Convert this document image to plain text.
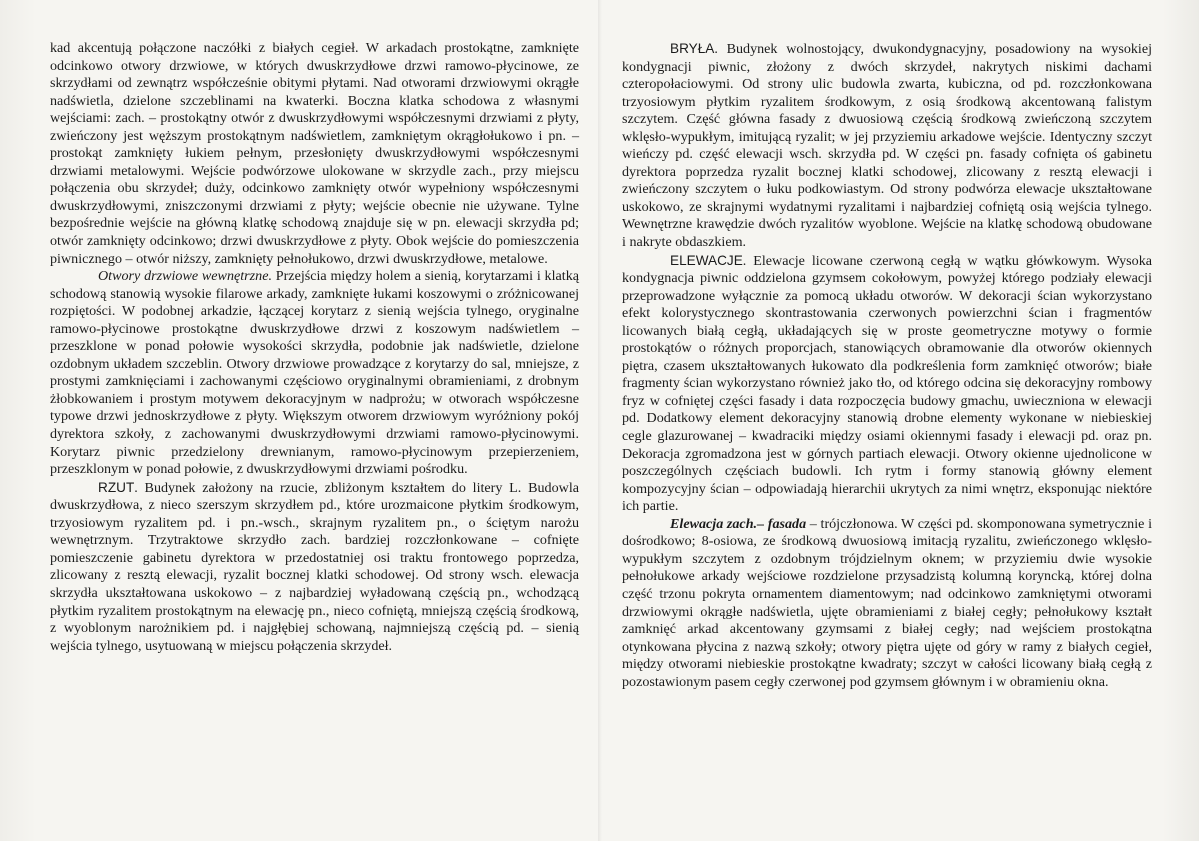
kad akcentują połączone naczółki z białych cegieł. W arkadach prostokątne, zamknięte odcinkowo otwory drzwiowe, w których dwuskrzydłowe drzwi ramowo-płycinowe, ze skrzydłami od zewnątrz współcześnie obitymi płytami. Nad otworami drzwiowymi okrągłe nadświetla, dzielone szczeblinami na kwaterki. Boczna klatka schodowa z własnymi wejściami: zach. – prostokątny otwór z dwuskrzydłowymi współczesnymi drzwiami z płyty, zwieńczony jest węższym prostokątnym nadświetlem, zamkniętym okrągłołukowo i pn. – prostokąt zamknięty łukiem pełnym, przesłonięty dwuskrzydłowymi współczesnymi drzwiami metalowymi. Wejście podwórzowe ulokowane w skrzydle zach., przy miejscu połączenia obu skrzydeł; duży, odcinkowo zamknięty otwór wypełniony współczesnymi dwuskrzydłowymi, zniszczonymi drzwiami z płyty; wejście obecnie nie używane. Tylne bezpośrednie wejście na główną klatkę schodową znajduje się w pn. elewacji skrzydła pd; otwór zamknięty odcinkowo; drzwi dwuskrzydłowe z płyty. Obok wejście do pomieszczenia piwnicznego – otwór niższy, zamknięty pełnołukowo, drzwi dwuskrzydłowe, metalowe.

Otwory drzwiowe wewnętrzne. Przejścia między holem a sienią, korytarzami i klatką schodową stanowią wysokie filarowe arkady, zamknięte łukami koszowymi o zróżnicowanej rozpiętości. W podobnej arkadzie, łączącej korytarz z sienią wejścia tylnego, oryginalne ramowo-płycinowe prostokątne dwuskrzydłowe drzwi z koszowym nadświetlem – przeszklone w ponad połowie wysokości skrzydła, podobnie jak nadświetle, dzielone ozdobnym układem szczeblin. Otwory drzwiowe prowadzące z korytarzy do sal, mniejsze, z prostymi zamknięciami i zachowanymi częściowo oryginalnymi obramieniami, z drobnym żłobkowaniem i prostym motywem dekoracyjnym w nadprożu; w otworach współczesne typowe drzwi jednoskrzydłowe z płyty. Większym otworem drzwiowym wyróżniony pokój dyrektora szkoły, z zachowanymi dwuskrzydłowymi drzwiami ramowo-płycinowymi. Korytarz piwnic przedzielony drewnianym, ramowo-płycinowym przepierzeniem, przeszklonym w ponad połowie, z dwuskrzydłowymi drzwiami pośrodku.

RZUT. Budynek założony na rzucie, zbliżonym kształtem do litery L. Budowla dwuskrzydłowa, z nieco szerszym skrzydłem pd., które urozmaicone płytkim środkowym, trzyosiowym ryzalitem pd. i pn.-wsch., skrajnym ryzalitem pn., o ściętym narożu wewnętrznym. Trzytraktowe skrzydło zach. bardziej rozczłonkowane – cofnięte pomieszczenie gabinetu dyrektora w przedostatniej osi traktu frontowego poprzedza, zlicowany z resztą elewacji, ryzalit bocznej klatki schodowej. Od strony wsch. elewacja skrzydła ukształtowana uskokowo – z najbardziej wyładowaną częścią pn., wchodzącą płytkim ryzalitem prostokątnym na elewację pn., nieco cofniętą, mniejszą częścią środkową, z wyoblonym narożnikiem pd. i najgłębiej schowaną, najmniejszą częścią pd. – sienią wejścia tylnego, usytuowaną w miejscu połączenia skrzydeł.

BRYŁA. Budynek wolnostojący, dwukondygnacyjny, posadowiony na wysokiej kondygnacji piwnic, złożony z dwóch skrzydeł, nakrytych niskimi dachami czteropołaciowymi. Od strony ulic budowla zwarta, kubiczna, od pd. rozczłonkowana trzyosiowym płytkim ryzalitem środkowym, z osią środkową akcentowaną falistym szczytem. Część główna fasady z dwuosiową częścią środkową zwieńczoną szczytem wklęsło-wypukłym, imitującą ryzalit; w jej przyziemiu arkadowe wejście. Identyczny szczyt wieńczy pd. część elewacji wsch. skrzydła pd. W części pn. fasady cofnięta oś gabinetu dyrektora poprzedza ryzalit bocznej klatki schodowej, zlicowany z resztą elewacji i zwieńczony szczytem o łuku podkowiastym. Od strony podwórza elewacje ukształtowane uskokowo, ze skrajnymi wydatnymi ryzalitami i najbardziej cofniętą osią wejścia tylnego. Wewnętrzne krawędzie dwóch ryzalitów wyoblone. Wejście na klatkę schodową obudowane i nakryte obdaszkiem.

ELEWACJE. Elewacje licowane czerwoną cegłą w wątku główkowym. Wysoka kondygnacja piwnic oddzielona gzymsem cokołowym, powyżej którego podziały elewacji przeprowadzone wyłącznie za pomocą układu otworów. W dekoracji ścian wykorzystano efekt kolorystycznego skontrastowania czerwonych powierzchni ścian i fragmentów licowanych białą cegłą, układających się w proste geometryczne motywy o formie prostokątów o różnych proporcjach, stanowiących obramowanie dla otworów okiennych piętra, czasem ukształtowanych łukowato dla podkreślenia form zamknięć otworów; białe fragmenty ścian wykorzystano również jako tło, od którego odcina się dekoracyjny rombowy fryz w cofniętej części fasady i data rozpoczęcia budowy gmachu, uwieczniona w elewacji pd. Dodatkowy element dekoracyjny stanowią drobne elementy wykonane w niebieskiej cegle glazurowanej – kwadraciki między osiami okiennymi fasady i elewacji pd. oraz pn. Dekoracja zgromadzona jest w górnych partiach elewacji. Otwory okienne ujednolicone w poszczególnych częściach budowli. Ich rytm i formy stanowią główny element kompozycyjny ścian – odpowiadają hierarchii ukrytych za nimi wnętrz, eksponując niektóre ich partie.

Elewacja zach.– fasada – trójczłonowa. W części pd. skomponowana symetrycznie i dośrodkowo; 8-osiowa, ze środkową dwuosiową imitacją ryzalitu, zwieńczonego wklęsło-wypukłym szczytem z ozdobnym trójdzielnym oknem; w przyziemiu dwie wysokie pełnołukowe arkady wejściowe rozdzielone przysadzistą kolumną koryncką, której dolna część trzonu pokryta ornamentem diamentowym; nad odcinkowo zamkniętymi otworami drzwiowymi okrągłe nadświetla, ujęte obramieniami z białej cegły; pełnołukowy kształt zamknięć arkad akcentowany gzymsami z białej cegły; nad wejściem prostokątna otynkowana płycina z nazwą szkoły; otwory piętra ujęte od góry w ramy z białych cegieł, między otworami niebieskie prostokątne kwadraty; szczyt w całości licowany białą cegłą z pozostawionym pasem cegły czerwonej pod gzymsem głównym i w obramieniu okna.
